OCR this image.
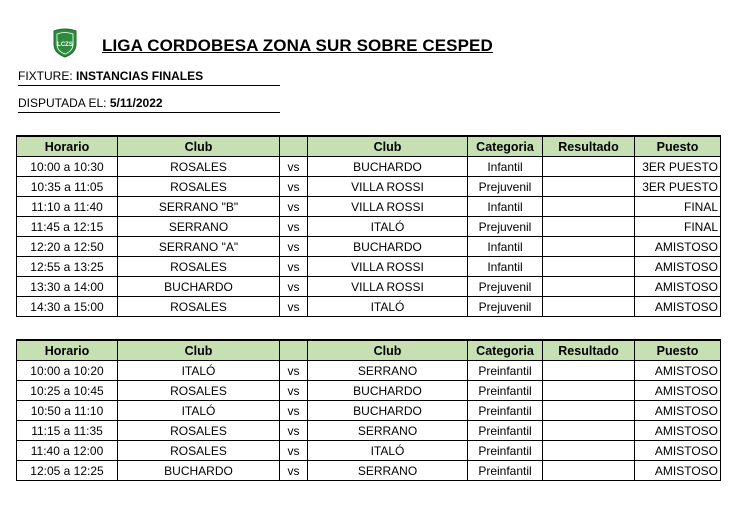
LCZS LIGA CORDOBESA ZONA SUR SOBRE CESPED
FIXTURE: INSTANCIAS FINALES
DISPUTADA EL: 5/11/2022
Horario	Club		Club	Categoria	Resultado	Puesto
10:00 a 10:30	ROSALES	vs	BUCHARDO	Infantil		3ER PUESTO
10:35 a 11:05	ROSALES	vs	VILLA ROSSI	Prejuvenil		3ER PUESTO
11:10 a 11:40	SERRANO "B"	vs	VILLA ROSSI	Infantil		FINAL
11:45 a 12:15	SERRANO	vs	ITALÓ	Prejuvenil		FINAL
12:20 a 12:50	SERRANO "A"	vs	BUCHARDO	Infantil		AMISTOSO
12:55 a 13:25	ROSALES	vs	VILLA ROSSI	Infantil		AMISTOSO
13:30 a 14:00	BUCHARDO	vs	VILLA ROSSI	Prejuvenil		AMISTOSO
14:30 a 15:00	ROSALES	vs	ITALÓ	Prejuvenil		AMISTOSO
Horario	Club		Club	Categoria	Resultado	Puesto
10:00 a 10:20	ITALÓ	vs	SERRANO	Preinfantil		AMISTOSO
10:25 a 10:45	ROSALES	vs	BUCHARDO	Preinfantil		AMISTOSO
10:50 a 11:10	ITALÓ	vs	BUCHARDO	Preinfantil		AMISTOSO
11:15 a 11:35	ROSALES	vs	SERRANO	Preinfantil		AMISTOSO
11:40 a 12:00	ROSALES	vs	ITALÓ	Preinfantil		AMISTOSO
12:05 a 12:25	BUCHARDO	vs	SERRANO	Preinfantil		AMISTOSO
